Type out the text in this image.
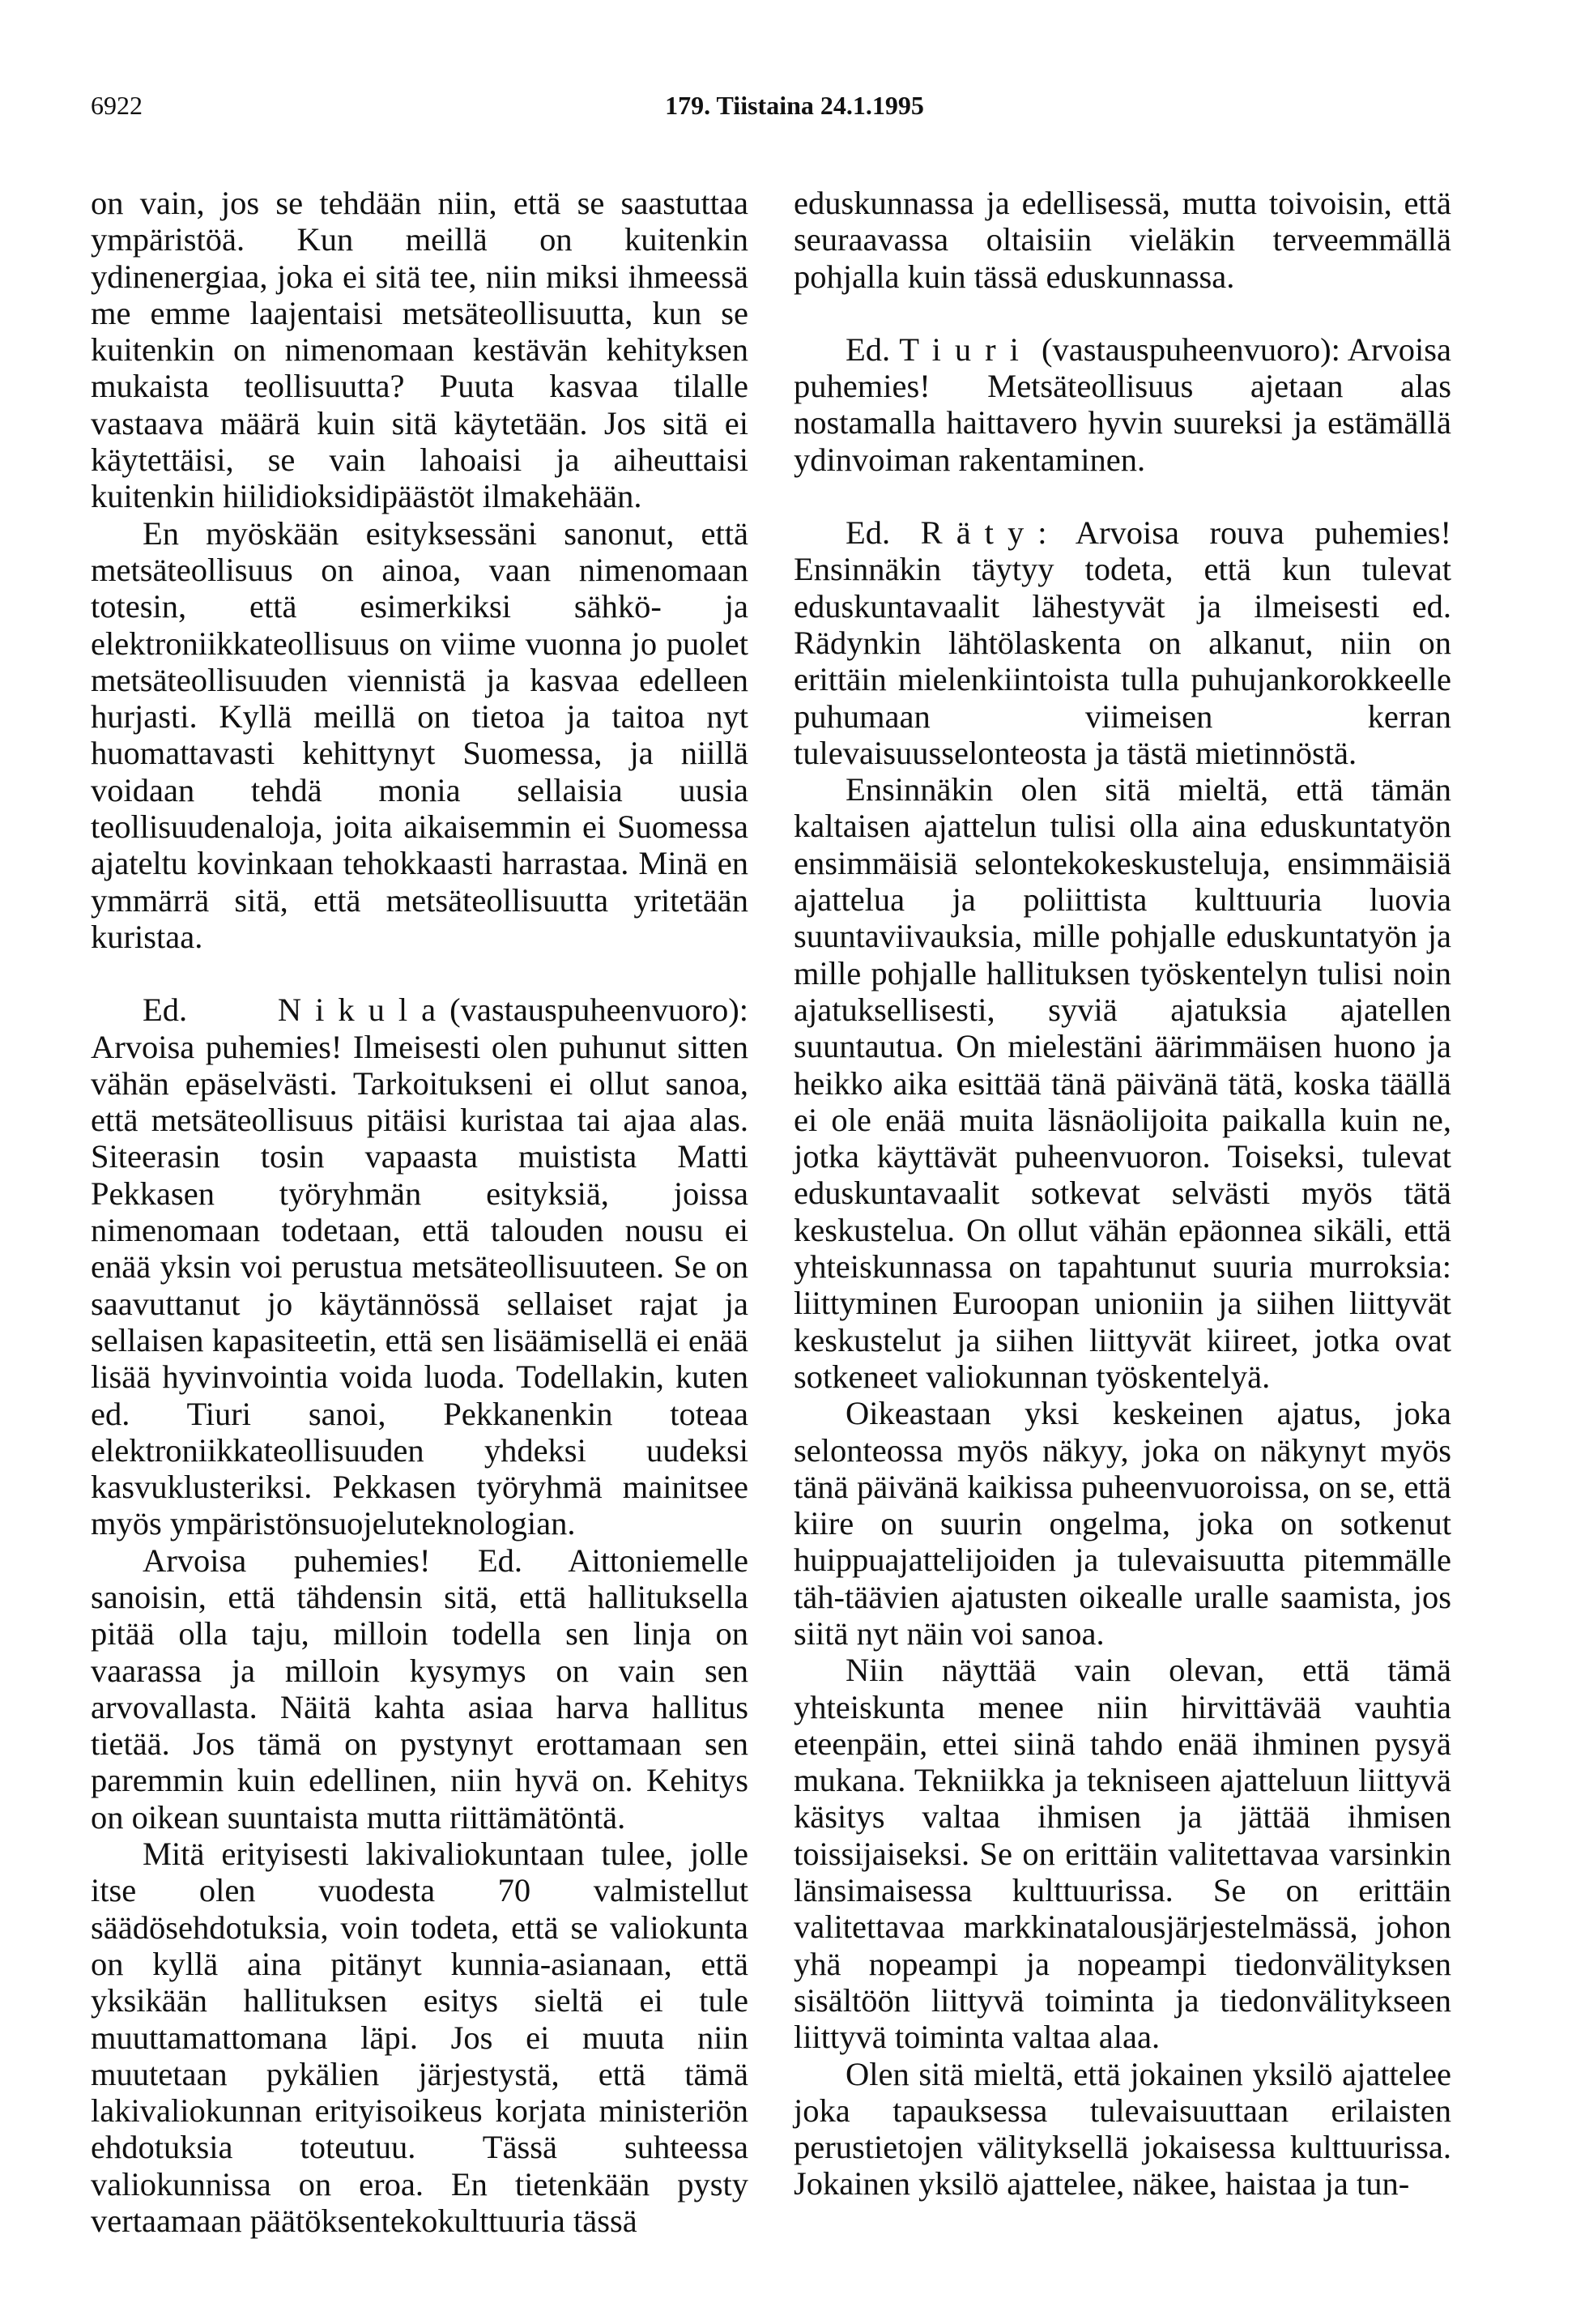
6922	179. Tiistaina 24.1.1995

on vain, jos se tehdään niin, että se saastuttaa ympäristöä. Kun meillä on kuitenkin ydinenergiaa, joka ei sitä tee, niin miksi ihmeessä me emme laajentaisi metsäteollisuutta, kun se kuitenkin on nimenomaan kestävän kehityksen mukaista teollisuutta? Puuta kasvaa tilalle vastaava määrä kuin sitä käytetään. Jos sitä ei käytettäisi, se vain lahoaisi ja aiheuttaisi kuitenkin hiilidioksidipäästöt ilmakehään.

En myöskään esityksessäni sanonut, että metsäteollisuus on ainoa, vaan nimenomaan totesin, että esimerkiksi sähkö- ja elektroniikkateollisuus on viime vuonna jo puolet metsäteollisuuden viennistä ja kasvaa edelleen hurjasti. Kyllä meillä on tietoa ja taitoa nyt huomattavasti kehittynyt Suomessa, ja niillä voidaan tehdä monia sellaisia uusia teollisuudenaloja, joita aikaisemmin ei Suomessa ajateltu kovinkaan tehokkaasti harrastaa. Minä en ymmärrä sitä, että metsäteollisuutta yritetään kuristaa.

Ed.	Nikula(vastauspuheenvuoro): Arvoisa puhemies! Ilmeisesti olen puhunut sitten vähän epäselvästi. Tarkoitukseni ei ollut sanoa, että metsäteollisuus pitäisi kuristaa tai ajaa alas. Siteerasin tosin vapaasta muistista Matti Pekkasen työryhmän esityksiä, joissa nimenomaan todetaan, että talouden nousu ei enää yksin voi perustua metsäteollisuuteen. Se on saavuttanut jo käytännössä sellaiset rajat ja sellaisen kapasiteetin, että sen lisäämisellä ei enää lisää hyvinvointia voida luoda. Todellakin, kuten ed. Tiuri sanoi, Pekkanenkin toteaa elektroniikkateollisuuden yhdeksi uudeksi kasvuklusteriksi. Pekkasen työryhmä mainitsee myös ympäristönsuojeluteknologian.

Arvoisa puhemies! Ed. Aittoniemelle sanoisin, että tähdensin sitä, että hallituksella pitää olla taju, milloin todella sen linja on vaarassa ja milloin kysymys on vain sen arvovallasta. Näitä kahta asiaa harva hallitus tietää. Jos tämä on pystynyt erottamaan sen paremmin kuin edellinen, niin hyvä on. Kehitys on oikean suuntaista mutta riittämätöntä.

Mitä erityisesti lakivaliokuntaan tulee, jolle itse olen vuodesta 70 valmistellut säädösehdotuksia, voin todeta, että se valiokunta on kyllä aina pitänyt kunnia-asianaan, että yksikään hallituksen esitys sieltä ei tule muuttamattomana läpi. Jos ei muuta niin muutetaan pykälien järjestystä, että tämä lakivaliokunnan erityisoikeus korjata ministeriön ehdotuksia toteutuu. Tässä suhteessa valiokunnissa on eroa. En tietenkään pysty vertaamaan päätöksentekokulttuuria tässä

eduskunnassa ja edellisessä, mutta toivoisin, että seuraavassa oltaisiin vieläkin terveemmällä pohjalla kuin tässä eduskunnassa.

Ed. Tiuri (vastauspuheenvuoro): Arvoisa puhemies! Metsäteollisuus ajetaan alas nostamalla haittavero hyvin suureksi ja estämällä ydinvoiman rakentaminen.

Ed. Räty: Arvoisa rouva puhemies! Ensinnäkin täytyy todeta, että kun tulevat eduskuntavaalit lähestyvät ja ilmeisesti ed. Rädynkin lähtölaskenta on alkanut, niin on erittäin mielenkiintoista tulla puhujankorokkeelle puhumaan viimeisen kerran tulevaisuusselonteosta ja tästä mietinnöstä.

Ensinnäkin olen sitä mieltä, että tämän kaltaisen ajattelun tulisi olla aina eduskuntatyön ensimmäisiä selontekokeskusteluja, ensimmäisiä ajattelua ja poliittista kulttuuria luovia suuntaviivauksia, mille pohjalle eduskuntatyön ja mille pohjalle hallituksen työskentelyn tulisi noin ajatuksellisesti, syviä ajatuksia ajatellen suuntautua. On mielestäni äärimmäisen huono ja heikko aika esittää tänä päivänä tätä, koska täällä ei ole enää muita läsnäolijoita paikalla kuin ne, jotka käyttävät puheenvuoron. Toiseksi, tulevat eduskuntavaalit sotkevat selvästi myös tätä keskustelua. On ollut vähän epäonnea sikäli, että yhteiskunnassa on tapahtunut suuria murroksia: liittyminen Euroopan unioniin ja siihen liittyvät keskustelut ja siihen liittyvät kiireet, jotka ovat sotkeneet valiokunnan työskentelyä.

Oikeastaan yksi keskeinen ajatus, joka selonteossa myös näkyy, joka on näkynyt myös tänä päivänä kaikissa puheenvuoroissa, on se, että kiire on suurin ongelma, joka on sotkenut huippuajattelijoiden ja tulevaisuutta pitemmälle täh-täävien ajatusten oikealle uralle saamista, jos siitä nyt näin voi sanoa.

Niin näyttää vain olevan, että tämä yhteiskunta menee niin hirvittävää vauhtia eteenpäin, ettei siinä tahdo enää ihminen pysyä mukana. Tekniikka ja tekniseen ajatteluun liittyvä käsitys valtaa ihmisen ja jättää ihmisen toissijaiseksi. Se on erittäin valitettavaa varsinkin länsimaisessa kulttuurissa. Se on erittäin valitettavaa markkinatalousjärjestelmässä, johon yhä nopeampi ja nopeampi tiedonvälityksen sisältöön liittyvä toiminta ja tiedonvälitykseen liittyvä toiminta valtaa alaa.

Olen sitä mieltä, että jokainen yksilö ajattelee joka tapauksessa tulevaisuuttaan erilaisten perustietojen välityksellä jokaisessa kulttuurissa. Jokainen yksilö ajattelee, näkee, haistaa ja tun-
